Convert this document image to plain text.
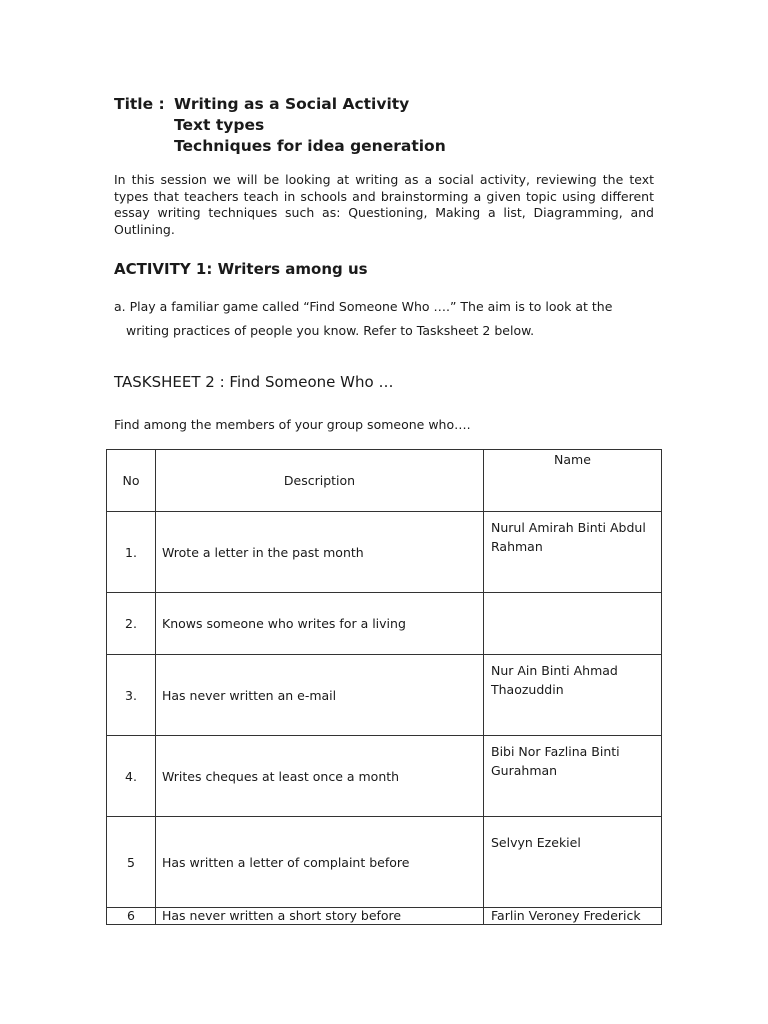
Title : Writing as a Social Activity
Text types
Techniques for idea generation

In this session we will be looking at writing as a social activity, reviewing the text types that teachers teach in schools and brainstorming a given topic using different essay writing techniques such as: Questioning, Making a list, Diagramming, and Outlining.

ACTIVITY 1: Writers among us
a. Play a familiar game called “Find Someone Who ….” The aim is to look at the
writing practices of people you know. Refer to Tasksheet 2 below.
TASKSHEET 2 : Find Someone Who …
Find among the members of your group someone who….
No	Description	Name

1.	Wrote a letter in the past month	Nurul Amirah Binti Abdul Rahman

2.	Knows someone who writes for a living	

3.	Has never written an e-mail	Nur Ain Binti Ahmad Thaozuddin

4.	Writes cheques at least once a month	Bibi Nor Fazlina Binti Gurahman

5	Has written a letter of complaint before	Selvyn Ezekiel

6	Has never written a short story before	Farlin Veroney Frederick
